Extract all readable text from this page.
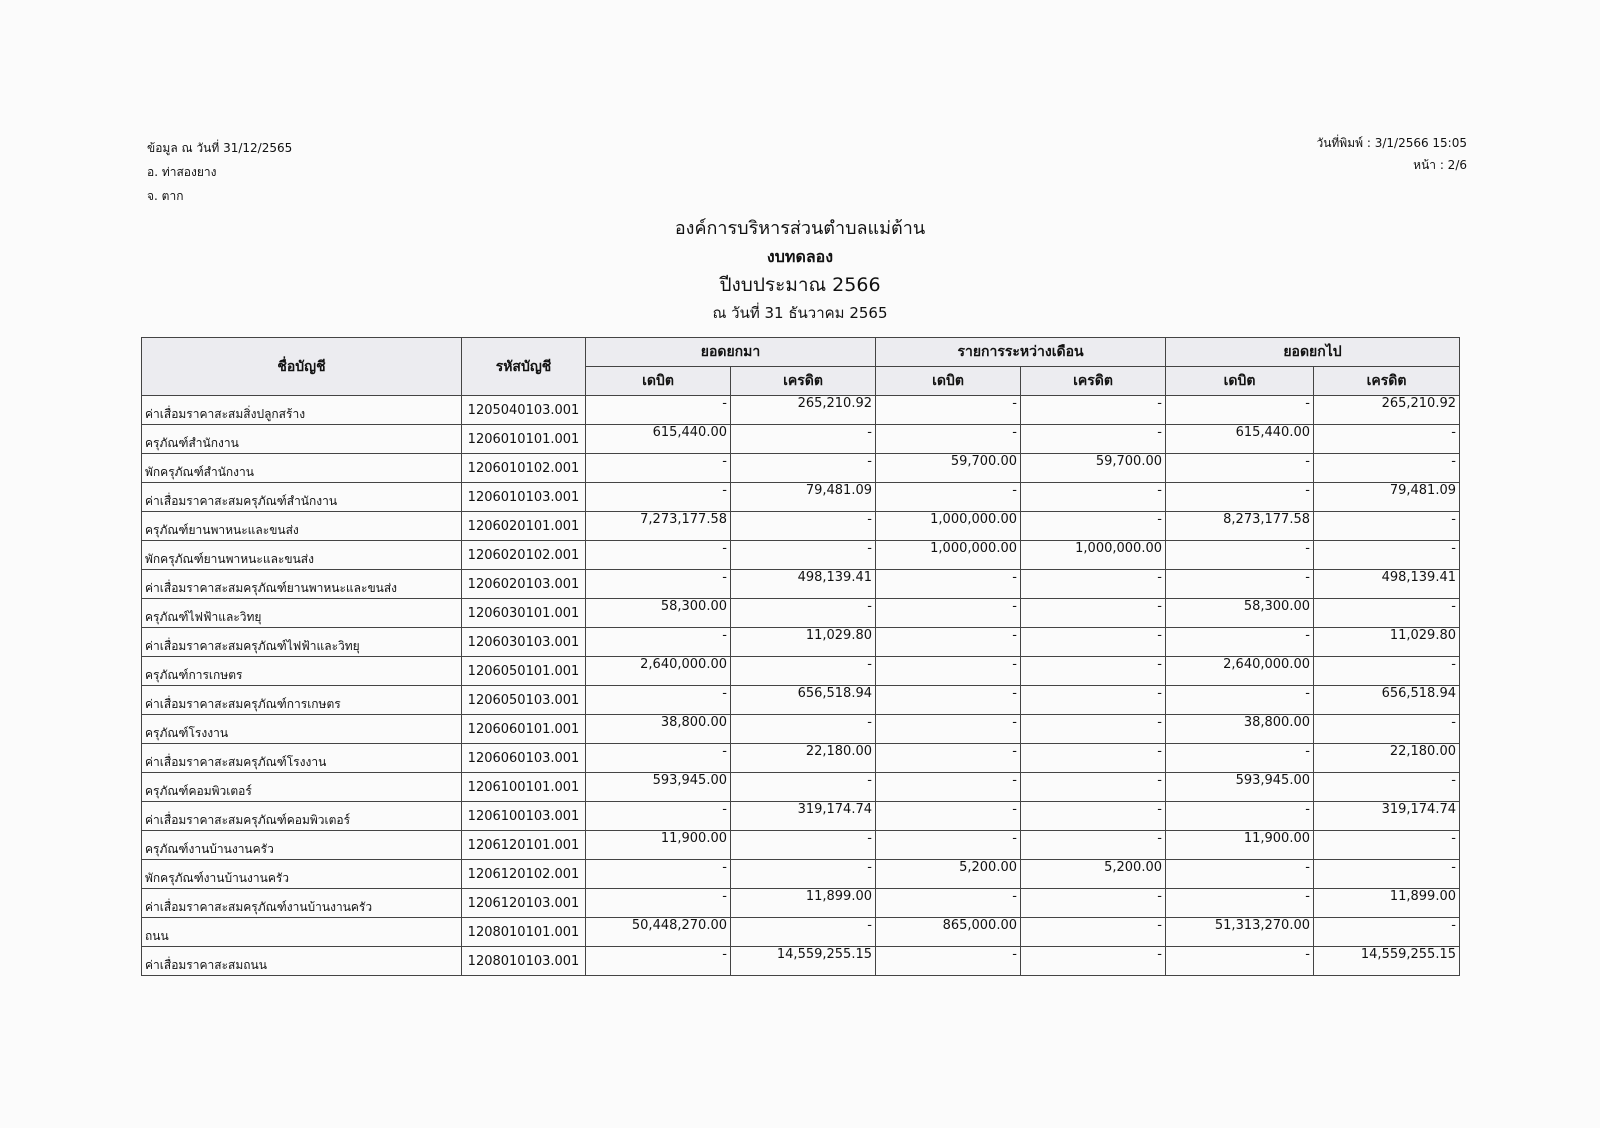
ข้อมูล ณ วันที่ 31/12/2565
อ. ท่าสองยาง
จ. ตาก
วันที่พิมพ์ : 3/1/2566 15:05
หน้า : 2/6
องค์การบริหารส่วนตำบลแม่ต้าน
งบทดลอง
ปีงบประมาณ 2566
ณ วันที่ 31 ธันวาคม 2565
ชื่อบัญชี	รหัสบัญชี	ยอดยกมา		รายการระหว่างเดือน		ยอดยกไป	
		เดบิต	เครดิต	เดบิต	เครดิต	เดบิต	เครดิต
ค่าเสื่อมราคาสะสมสิ่งปลูกสร้าง	1205040103.001	-	265,210.92	-	-	-	265,210.92
ครุภัณฑ์สำนักงาน	1206010101.001	615,440.00	-	-	-	615,440.00	-
พักครุภัณฑ์สำนักงาน	1206010102.001	-	-	59,700.00	59,700.00	-	-
ค่าเสื่อมราคาสะสมครุภัณฑ์สำนักงาน	1206010103.001	-	79,481.09	-	-	-	79,481.09
ครุภัณฑ์ยานพาหนะและขนส่ง	1206020101.001	7,273,177.58	-	1,000,000.00	-	8,273,177.58	-
พักครุภัณฑ์ยานพาหนะและขนส่ง	1206020102.001	-	-	1,000,000.00	1,000,000.00	-	-
ค่าเสื่อมราคาสะสมครุภัณฑ์ยานพาหนะและขนส่ง	1206020103.001	-	498,139.41	-	-	-	498,139.41
ครุภัณฑ์ไฟฟ้าและวิทยุ	1206030101.001	58,300.00	-	-	-	58,300.00	-
ค่าเสื่อมราคาสะสมครุภัณฑ์ไฟฟ้าและวิทยุ	1206030103.001	-	11,029.80	-	-	-	11,029.80
ครุภัณฑ์การเกษตร	1206050101.001	2,640,000.00	-	-	-	2,640,000.00	-
ค่าเสื่อมราคาสะสมครุภัณฑ์การเกษตร	1206050103.001	-	656,518.94	-	-	-	656,518.94
ครุภัณฑ์โรงงาน	1206060101.001	38,800.00	-	-	-	38,800.00	-
ค่าเสื่อมราคาสะสมครุภัณฑ์โรงงาน	1206060103.001	-	22,180.00	-	-	-	22,180.00
ครุภัณฑ์คอมพิวเตอร์	1206100101.001	593,945.00	-	-	-	593,945.00	-
ค่าเสื่อมราคาสะสมครุภัณฑ์คอมพิวเตอร์	1206100103.001	-	319,174.74	-	-	-	319,174.74
ครุภัณฑ์งานบ้านงานครัว	1206120101.001	11,900.00	-	-	-	11,900.00	-
พักครุภัณฑ์งานบ้านงานครัว	1206120102.001	-	-	5,200.00	5,200.00	-	-
ค่าเสื่อมราคาสะสมครุภัณฑ์งานบ้านงานครัว	1206120103.001	-	11,899.00	-	-	-	11,899.00
ถนน	1208010101.001	50,448,270.00	-	865,000.00	-	51,313,270.00	-
ค่าเสื่อมราคาสะสมถนน	1208010103.001	-	14,559,255.15	-	-	-	14,559,255.15
